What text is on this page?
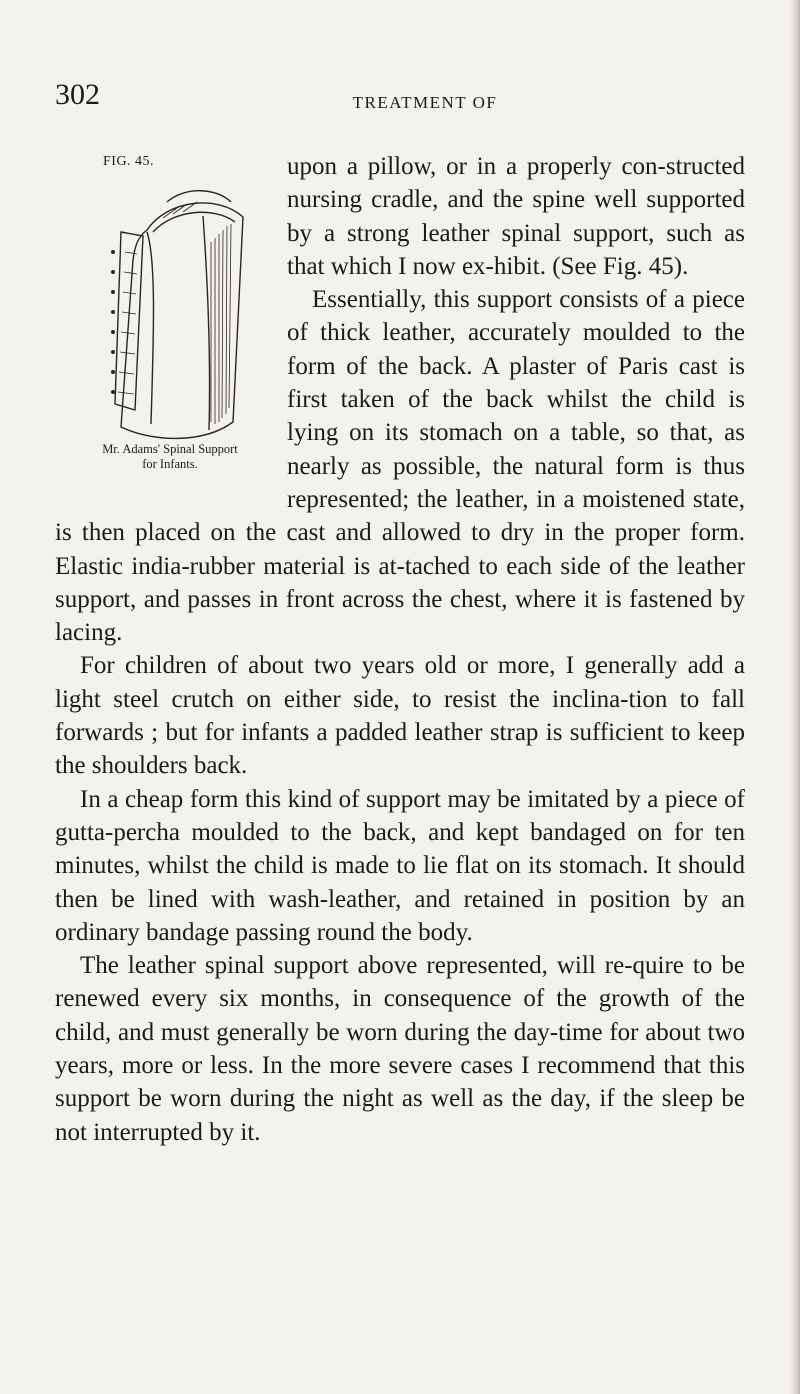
302	TREATMENT OF
FIG. 45.
Mr. Adams' Spinal Support
for Infants.

upon a pillow, or in a properly con-structed nursing cradle, and the spine well supported by a strong leather spinal support, such as that which I now ex-hibit. (See Fig. 45).

Essentially, this support consists of a piece of thick leather, accurately moulded to the form of the back. A plaster of Paris cast is first taken of the back whilst the child is lying on its stomach on a table, so that, as nearly as possible, the natural form is thus represented; the leather, in a moistened state, is then placed on the cast and allowed to dry in the proper form. Elastic india-rubber material is at-tached to each side of the leather support, and passes in front across the chest, where it is fastened by lacing.

For children of about two years old or more, I generally add a light steel crutch on either side, to resist the inclina-tion to fall forwards ; but for infants a padded leather strap is sufficient to keep the shoulders back.

In a cheap form this kind of support may be imitated by a piece of gutta-percha moulded to the back, and kept bandaged on for ten minutes, whilst the child is made to lie flat on its stomach. It should then be lined with wash-leather, and retained in position by an ordinary bandage passing round the body.

The leather spinal support above represented, will re-quire to be renewed every six months, in consequence of the growth of the child, and must generally be worn during the day-time for about two years, more or less. In the more severe cases I recommend that this support be worn during the night as well as the day, if the sleep be not interrupted by it.
